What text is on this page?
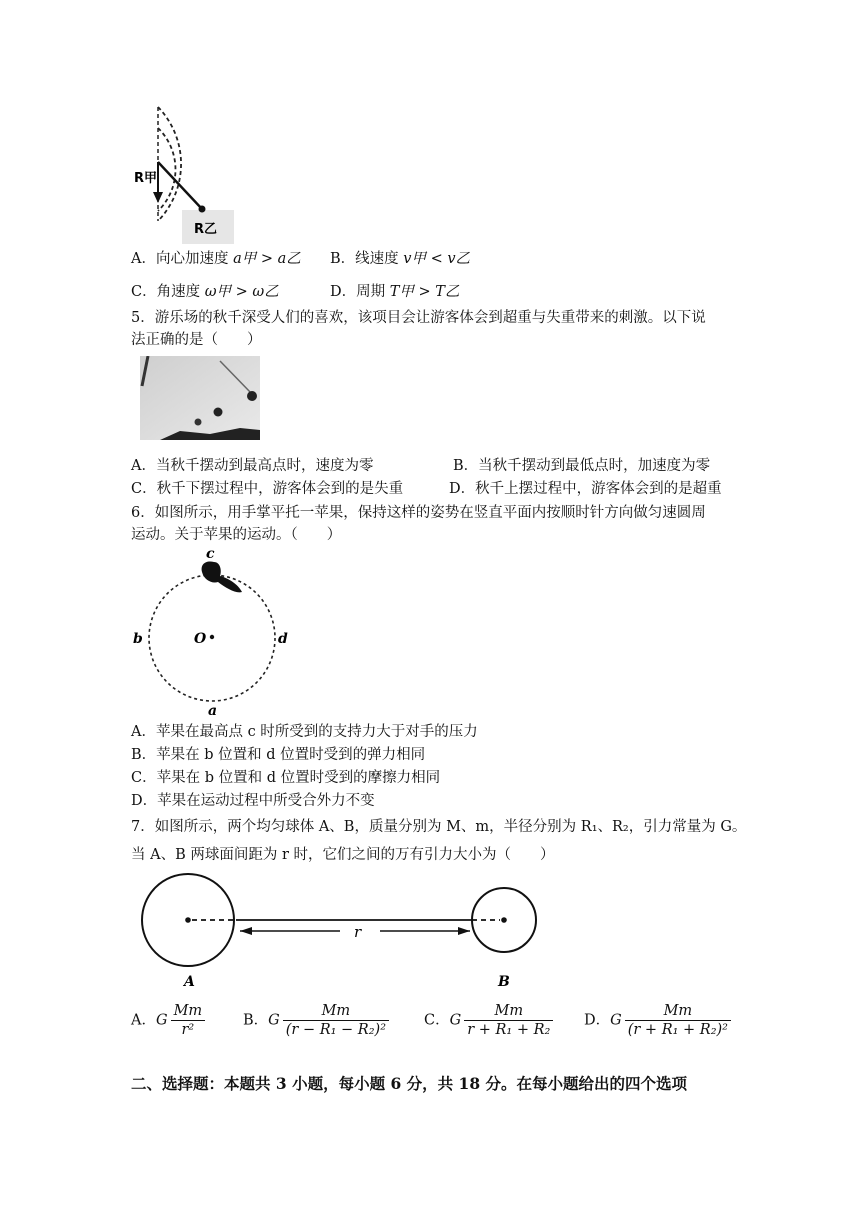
R甲
R乙
A．向心加速度 a甲 > a乙 B．线速度 v甲 < v乙
C．角速度 ω甲 > ω乙	D．周期 T甲 > T乙
5．游乐场的秋千深受人们的喜欢，该项目会让游客体会到超重与失重带来的刺激。以下说
法正确的是（　　）
A．当秋千摆动到最高点时，速度为零	B．当秋千摆动到最低点时，加速度为零
C．秋千下摆过程中，游客体会到的是失重	D．秋千上摆过程中，游客体会到的是超重
6．如图所示，用手掌平托一苹果，保持这样的姿势在竖直平面内按顺时针方向做匀速圆周
运动。关于苹果的运动。（　　）
c
b	O	d
a
A．苹果在最高点 c 时所受到的支持力大于对手的压力
B．苹果在 b 位置和 d 位置时受到的弹力相同
C．苹果在 b 位置和 d 位置时受到的摩擦力相同
D．苹果在运动过程中所受合外力不变
7．如图所示，两个均匀球体 A、B，质量分别为 M、m，半径分别为 R₁、R₂，引力常量为 G。
当 A、B 两球面间距为 r 时，它们之间的万有引力大小为（　　）
r
A	B
A．G $\frac{Mm}{\text{r²}}$	B．G $\frac{Mm}{\text{(r − R₁ − R₂)²}}$ C．G $\frac{Mm}{\text{r + R₁ + R₂}}$ D．G $\frac{Mm}{\text{(r + R₁ + R₂)²}}$
二、选择题：本题共 3 小题，每小题 6 分，共 18 分。在每小题给出的四个选项
